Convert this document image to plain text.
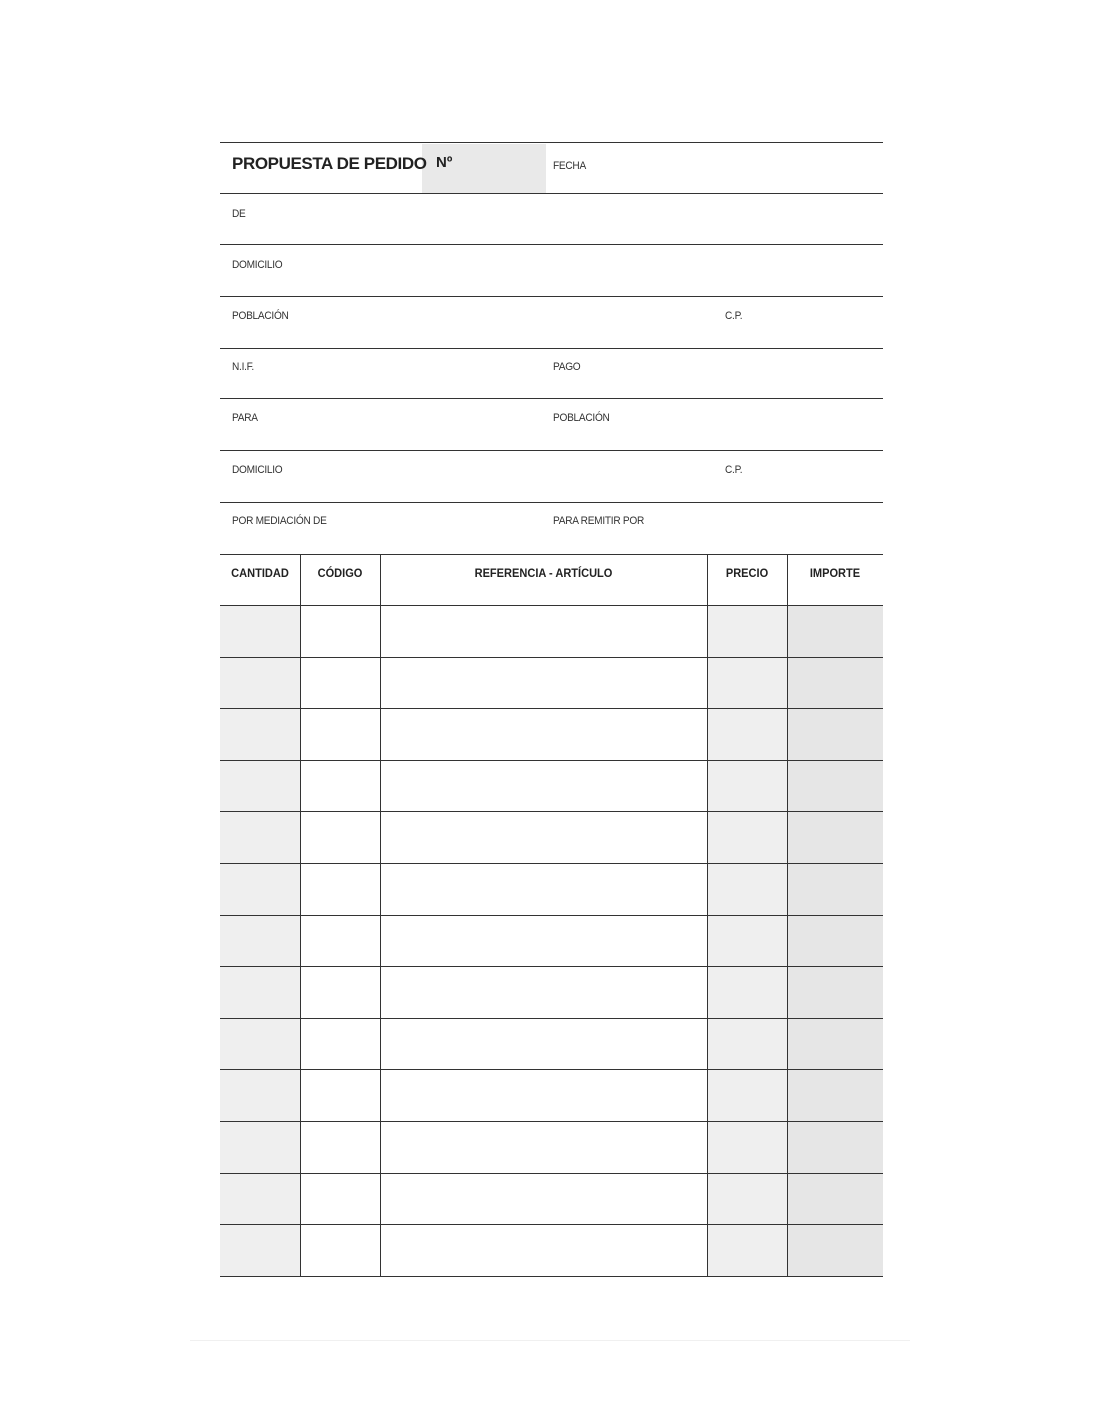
PROPUESTA DE PEDIDO Nº	FECHA
DE
DOMICILIO
POBLACIÓN	C.P.
N.I.F.	PAGO
PARA	POBLACIÓN
DOMICILIO	C.P.
POR MEDIACIÓN DE	PARA REMITIR POR
CANTIDAD	CÓDIGO	REFERENCIA - ARTÍCULO	PRECIO	IMPORTE
